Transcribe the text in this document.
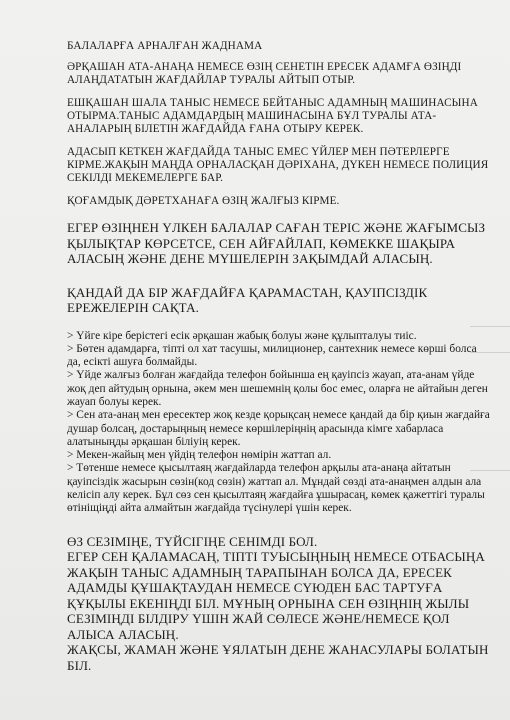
БАЛАЛАРҒА АРНАЛҒАН ЖАДНАМА
ӘРҚАШАН АТА-АНАҢА НЕМЕСЕ ӨЗІҢ СЕНЕТІН ЕРЕСЕК АДАМҒА ӨЗІҢДІ АЛАҢДАТАТЫН ЖАҒДАЙЛАР ТУРАЛЫ АЙТЫП ОТЫР.
ЕШҚАШАН ШАЛА ТАНЫС НЕМЕСЕ БЕЙТАНЫС АДАМНЫҢ МАШИНАСЫНА ОТЫРМА.ТАНЫС АДАМДАРДЫҢ МАШИНАСЫНА БҰЛ ТУРАЛЫ АТА-АНАЛАРЫҢ БІЛЕТІН ЖАҒДАЙДА ҒАНА ОТЫРУ КЕРЕК.
АДАСЫП КЕТКЕН ЖАҒДАЙДА ТАНЫС ЕМЕС ҮЙЛЕР МЕН ПӘТЕРЛЕРГЕ КІРМЕ.ЖАҚЫН МАҢДА ОРНАЛАСҚАН ДӘРІХАНА, ДҮКЕН НЕМЕСЕ ПОЛИЦИЯ СЕКІЛДІ МЕКЕМЕЛЕРГЕ БАР.
ҚОҒАМДЫҚ ДӘРЕТХАНАҒА ӨЗІҢ ЖАЛҒЫЗ КІРМЕ.
ЕГЕР ӨЗІҢНЕН ҮЛКЕН БАЛАЛАР САҒАН ТЕРІС ЖӘНЕ ЖАҒЫМСЫЗ ҚЫЛЫҚТАР КӨРСЕТСЕ, СЕН АЙҒАЙЛАП, КӨМЕККЕ ШАҚЫРА АЛАСЫҢ ЖӘНЕ ДЕНЕ МҮШЕЛЕРІН ЗАҚЫМДАЙ АЛАСЫҢ.
ҚАНДАЙ ДА БІР ЖАҒДАЙҒА ҚАРАМАСТАН, ҚАУІПСІЗДІК ЕРЕЖЕЛЕРІН САҚТА.
> Үйге кіре берістегі есік әрқашан жабық болуы және құлыпталуы тиіс.
> Бөтен адамдарға, тіпті ол хат тасушы, милиционер, сантехник немесе көрші болса да, есікті ашуға болмайды.
> Үйде жалғыз болған жағдайда телефон бойынша ең қауіпсіз жауап, ата-анам үйде жоқ деп айтудың орнына, әкем мен шешемнің қолы бос емес, оларға не айтайын деген жауап болуы керек.
> Сен ата-анаң мен ересектер жоқ кезде қорықсаң немесе қандай да бір қиын жағдайға душар болсаң, достарыңның немесе көршілеріңнің арасында кімге хабарласа алатыныңды әрқашан біліуің керек.
> Мекен-жайың мен үйдің телефон нөмірін жаттап ал.
> Төтенше немесе қысылтаяң жағдайларда телефон арқылы ата-анаңа айтатын қауіпсіздік жасырын сөзін(код сөзін) жаттап ал. Мұндай сөзді ата-анаңмен алдын ала келісіп алу керек. Бұл сөз сен қысылтаяң жағдайға ұшырасаң, көмек қажеттігі туралы өтініщіңді айта алмайтын жағдайда түсінулері үшін керек.
ӨЗ СЕЗІМІҢЕ, ТҮЙСІГІҢЕ СЕНІМДІ БОЛ.
ЕГЕР СЕН ҚАЛАМАСАҢ, ТІПТІ ТУЫСЫҢНЫҢ НЕМЕСЕ ОТБАСЫҢА ЖАҚЫН ТАНЫС АДАМНЫҢ ТАРАПЫНАН БОЛСА ДА, ЕРЕСЕК АДАМДЫ ҚҰШАҚТАУДАН НЕМЕСЕ СҮЮДЕН БАС ТАРТУҒА ҚҰҚЫЛЫ ЕКЕНІҢДІ БІЛ. МҰНЫҢ ОРНЫНА СЕН ӨЗІҢНІҢ ЖЫЛЫ СЕЗІМІҢДІ БІЛДІРУ ҮШІН ЖАЙ СӨЛЕСЕ ЖӘНЕ/НЕМЕСЕ ҚОЛ АЛЫСА АЛАСЫҢ.
ЖАҚСЫ, ЖАМАН ЖӘНЕ ҰЯЛАТЫН ДЕНЕ ЖАНАСУЛАРЫ БОЛАТЫН БІЛ.
